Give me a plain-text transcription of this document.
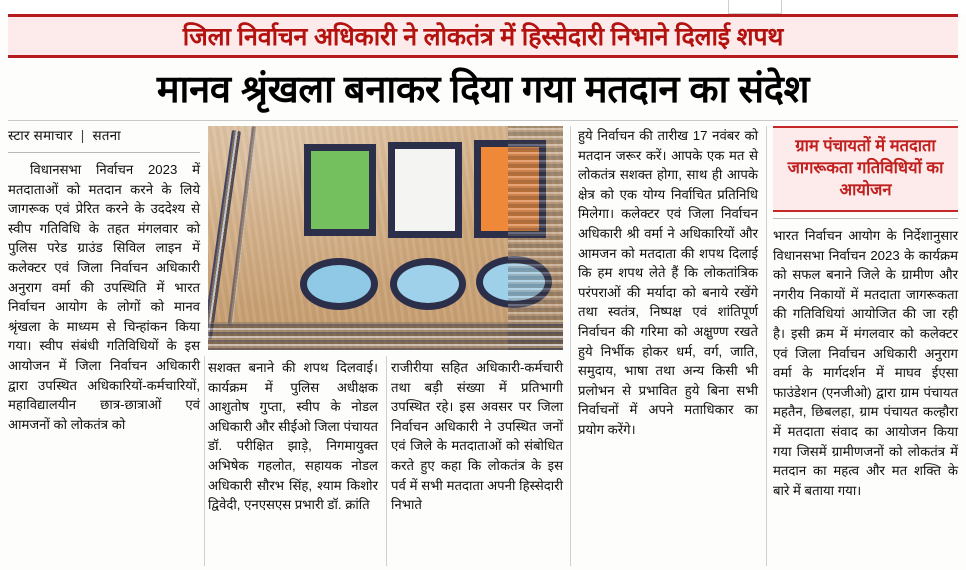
जिला निर्वाचन अधिकारी ने लोकतंत्र में हिस्सेदारी निभाने दिलाई शपथ
मानव श्रृंखला बनाकर दिया गया मतदान का संदेश
स्टार समाचार | सतना
विधानसभा निर्वाचन 2023 में मतदाताओं को मतदान करने के लिये जागरूक एवं प्रेरित करने के उददेश्य से स्वीप गतिविधि के तहत मंगलवार को पुलिस परेड ग्राउंड सिविल लाइन में कलेक्टर एवं जिला निर्वाचन अधिकारी अनुराग वर्मा की उपस्थिति में भारत निर्वाचन आयोग के लोगों को मानव श्रृंखला के माध्यम से चिन्हांकन किया गया। स्वीप संबंधी गतिविधियों के इस आयोजन में जिला निर्वाचन अधिकारी द्वारा उपस्थित अधिकारियों-कर्मचारियों, महाविद्यालयीन छात्र-छात्राओं एवं आमजनों को लोकतंत्र को
सशक्त बनाने की शपथ दिलवाई। कार्यक्रम में पुलिस अधीक्षक आशुतोष गुप्ता, स्वीप के नोडल अधिकारी और सीईओ जिला पंचायत डॉ. परीक्षित झाड़े, निगमायुक्त अभिषेक गहलोत, सहायक नोडल अधिकारी सौरभ सिंह, श्याम किशोर द्विवेदी, एनएसएस प्रभारी डॉ. क्रांति
राजीरीया सहित अधिकारी-कर्मचारी तथा बड़ी संख्या में प्रतिभागी उपस्थित रहे। इस अवसर पर जिला निर्वाचन अधिकारी ने उपस्थित जनों एवं जिले के मतदाताओं को संबोधित करते हुए कहा कि लोकतंत्र के इस पर्व में सभी मतदाता अपनी हिस्सेदारी निभाते
हुये निर्वाचन की तारीख 17 नवंबर को मतदान जरूर करें। आपके एक मत से लोकतंत्र सशक्त होगा, साथ ही आपके क्षेत्र को एक योग्य निर्वाचित प्रतिनिधि मिलेगा। कलेक्टर एवं जिला निर्वाचन अधिकारी श्री वर्मा ने अधिकारियों और आमजन को मतदाता की शपथ दिलाई कि हम शपथ लेते हैं कि लोकतांत्रिक परंपराओं की मर्यादा को बनाये रखेंगे तथा स्वतंत्र, निष्पक्ष एवं शांतिपूर्ण निर्वाचन की गरिमा को अक्षुण्ण रखते हुये निर्भीक होकर धर्म, वर्ग, जाति, समुदाय, भाषा तथा अन्य किसी भी प्रलोभन से प्रभावित हुये बिना सभी निर्वाचनों में अपने मताधिकार का प्रयोग करेंगे।
ग्राम पंचायतों में मतदाता जागरूकता गतिविधियों का आयोजन
भारत निर्वाचन आयोग के निर्देशानुसार विधानसभा निर्वाचन 2023 के कार्यक्रम को सफल बनाने जिले के ग्रामीण और नगरीय निकायों में मतदाता जागरूकता की गतिविधियां आयोजित की जा रही है। इसी क्रम में मंगलवार को कलेक्टर एवं जिला निर्वाचन अधिकारी अनुराग वर्मा के मार्गदर्शन में माघव ईएसा फाउंडेशन (एनजीओ) द्वारा ग्राम पंचायत महतैन, छिबलहा, ग्राम पंचायत कल्हौरा में मतदाता संवाद का आयोजन किया गया जिसमें ग्रामीणजनों को लोकतंत्र में मतदान का महत्व और मत शक्ति के बारे में बताया गया।
